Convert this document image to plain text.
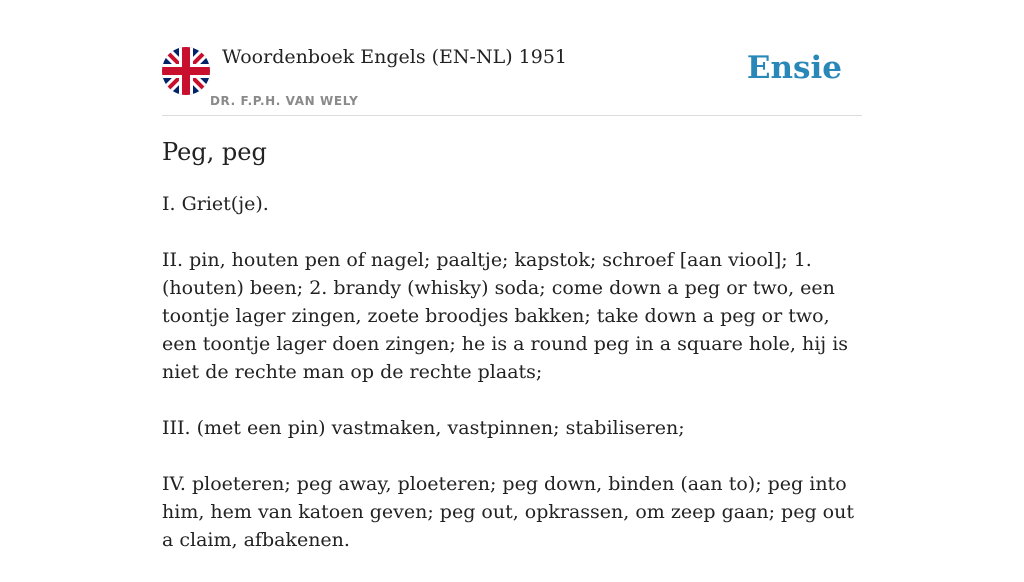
Woordenboek Engels (EN-NL) 1951
DR. F.P.H. VAN WELY
Ensie
Peg, peg

I. Griet(je).

II. pin, houten pen of nagel; paaltje; kapstok; schroef [aan viool]; 1. (houten) been; 2. brandy (whisky) soda; come down a peg or two, een toontje lager zingen, zoete broodjes bakken; take down a peg or two, een toontje lager doen zingen; he is a round peg in a square hole, hij is niet de rechte man op de rechte plaats;

III. (met een pin) vastmaken, vastpinnen; stabiliseren;

IV. ploeteren; peg away, ploeteren; peg down, binden (aan to); peg into him, hem van katoen geven; peg out, opkrassen, om zeep gaan; peg out a claim, afbakenen.
